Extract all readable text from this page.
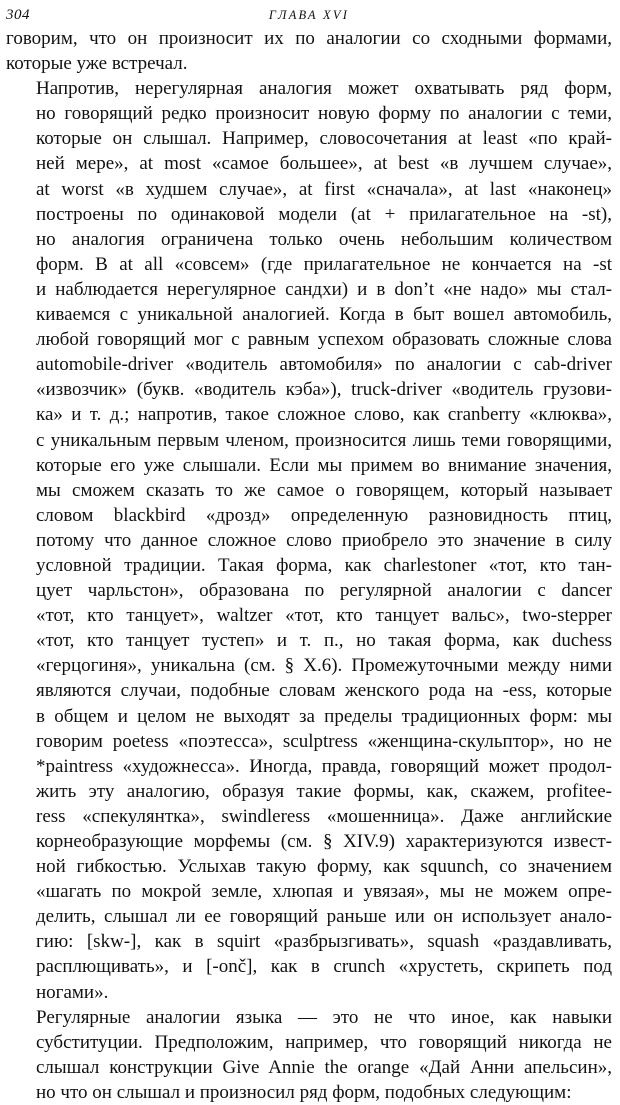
304	ГЛАВА XVI

говорим, что он произносит их по аналогии со сходными формами,
которые уже встречал.

Напротив, нерегулярная аналогия может охватывать ряд форм,
но говорящий редко произносит новую форму по аналогии с теми,
которые он слышал. Например, словосочетания at least «по край-
ней мере», at most «самое большее», at best «в лучшем случае»,
at worst «в худшем случае», at first «сначала», at last «наконец»
построены по одинаковой модели (at + прилагательное на -st),
но аналогия ограничена только очень небольшим количеством
форм. В at all «совсем» (где прилагательное не кончается на -st
и наблюдается нерегулярное сандхи) и в don’t «не надо» мы стал-
киваемся с уникальной аналогией. Когда в быт вошел автомобиль,
любой говорящий мог с равным успехом образовать сложные слова
automobile-driver «водитель автомобиля» по аналогии с cab-driver
«извозчик» (букв. «водитель кэба»), truck-driver «водитель грузови-
ка» и т. д.; напротив, такое сложное слово, как cranberry «клюква»,
с уникальным первым членом, произносится лишь теми говорящими,
которые его уже слышали. Если мы примем во внимание значения,
мы сможем сказать то же самое о говорящем, который называет
словом blackbird «дрозд» определенную разновидность птиц,
потому что данное сложное слово приобрело это значение в силу
условной традиции. Такая форма, как charlestoner «тот, кто тан-
цует чарльстон», образована по регулярной аналогии с dancer
«тот, кто танцует», waltzer «тот, кто танцует вальс», two-stepper
«тот, кто танцует тустеп» и т. п., но такая форма, как duchess
«герцогиня», уникальна (см. § X.6). Промежуточными между ними
являются случаи, подобные словам женского рода на -ess, которые
в общем и целом не выходят за пределы традиционных форм: мы
говорим poetess «поэтесса», sculptress «женщина-скульптор», но не
*paintress «художнесса». Иногда, правда, говорящий может продол-
жить эту аналогию, образуя такие формы, как, скажем, profitee-
ress «спекулянтка», swindleress «мошенница». Даже английские
корнеобразующие морфемы (см. § XIV.9) характеризуются извест-
ной гибкостью. Услыхав такую форму, как squunch, со значением
«шагать по мокрой земле, хлюпая и увязая», мы не можем опре-
делить, слышал ли ее говорящий раньше или он использует анало-
гию: [skw-], как в squirt «разбрызгивать», squash «раздавливать,
расплющивать», и [-onč], как в crunch «хрустеть, скрипеть под
ногами».

Регулярные аналогии языка — это не что иное, как навыки
субституции. Предположим, например, что говорящий никогда не
слышал конструкции Give Annie the orange «Дай Анни апельсин»,
но что он слышал и произносил ряд форм, подобных следующим:
